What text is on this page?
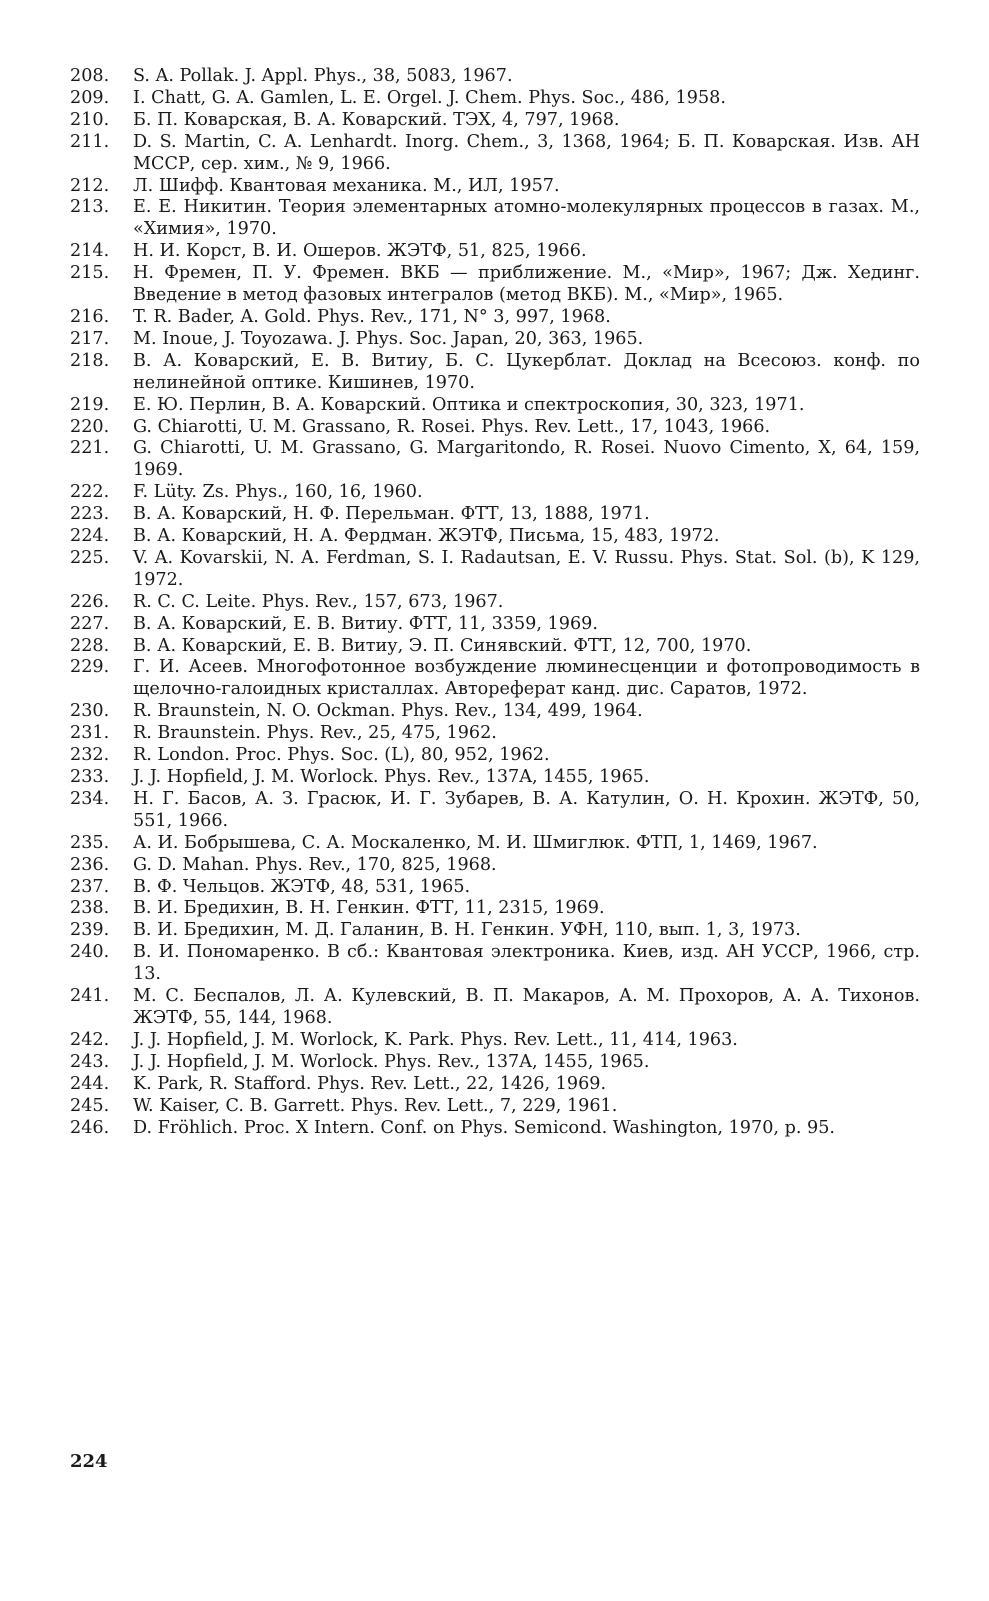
208.	S. A. Pollak. J. Appl. Phys., 38, 5083, 1967.
209.	I. Chatt, G. A. Gamlen, L. E. Orgel. J. Chem. Phys. Soc., 486, 1958.
210.	Б. П. Коварская, В. А. Коварский. ТЭХ, 4, 797, 1968.
211.	D. S. Martin, C. A. Lenhardt. Inorg. Chem., 3, 1368, 1964; Б. П. Коварская. Изв. АН МССР, сер. хим., № 9, 1966.
212.	Л. Шифф. Квантовая механика. М., ИЛ, 1957.
213.	Е. Е. Никитин. Теория элементарных атомно-молекулярных процессов в газах. М., «Химия», 1970.
214.	Н. И. Корст, В. И. Ошеров. ЖЭТФ, 51, 825, 1966.
215.	Н. Фремен, П. У. Фремен. ВКБ — приближение. М., «Мир», 1967; Дж. Хединг. Введение в метод фазовых интегралов (метод ВКБ). М., «Мир», 1965.
216.	T. R. Bader, A. Gold. Phys. Rev., 171, N° 3, 997, 1968.
217.	M. Inoue, J. Toyozawa. J. Phys. Soc. Japan, 20, 363, 1965.
218.	В. А. Коварский, Е. В. Витиу, Б. С. Цукерблат. Доклад на Всесоюз. конф. по нелинейной оптике. Кишинев, 1970.
219.	Е. Ю. Перлин, В. А. Коварский. Оптика и спектроскопия, 30, 323, 1971.
220.	G. Chiarotti, U. M. Grassano, R. Rosei. Phys. Rev. Lett., 17, 1043, 1966.
221.	G. Chiarotti, U. M. Grassano, G. Margaritondo, R. Rosei. Nuovo Cimento, X, 64, 159, 1969.
222.	F. Lüty. Zs. Phys., 160, 16, 1960.
223.	В. А. Коварский, Н. Ф. Перельман. ФТТ, 13, 1888, 1971.
224.	В. А. Коварский, Н. А. Фердман. ЖЭТФ, Письма, 15, 483, 1972.
225.	V. A. Kovarskii, N. A. Ferdman, S. I. Radautsan, E. V. Russu. Phys. Stat. Sol. (b), K 129, 1972.
226.	R. C. C. Leite. Phys. Rev., 157, 673, 1967.
227.	В. А. Коварский, Е. В. Витиу. ФТТ, 11, 3359, 1969.
228.	В. А. Коварский, Е. В. Витиу, Э. П. Синявский. ФТТ, 12, 700, 1970.
229.	Г. И. Асеев. Многофотонное возбуждение люминесценции и фотопроводимость в щелочно-галоидных кристаллах. Автореферат канд. дис. Саратов, 1972.
230.	R. Braunstein, N. O. Ockman. Phys. Rev., 134, 499, 1964.
231.	R. Braunstein. Phys. Rev., 25, 475, 1962.
232.	R. London. Proc. Phys. Soc. (L), 80, 952, 1962.
233.	J. J. Hopfield, J. M. Worlock. Phys. Rev., 137A, 1455, 1965.
234.	Н. Г. Басов, А. З. Грасюк, И. Г. Зубарев, В. А. Катулин, О. Н. Крохин. ЖЭТФ, 50, 551, 1966.
235.	А. И. Бобрышева, С. А. Москаленко, М. И. Шмиглюк. ФТП, 1, 1469, 1967.
236.	G. D. Mahan. Phys. Rev., 170, 825, 1968.
237.	В. Ф. Чельцов. ЖЭТФ, 48, 531, 1965.
238.	В. И. Бредихин, В. Н. Генкин. ФТТ, 11, 2315, 1969.
239.	В. И. Бредихин, М. Д. Галанин, В. Н. Генкин. УФН, 110, вып. 1, 3, 1973.
240.	В. И. Пономаренко. В сб.: Квантовая электроника. Киев, изд. АН УССР, 1966, стр. 13.
241.	М. С. Беспалов, Л. А. Кулевский, В. П. Макаров, А. М. Прохоров, А. А. Тихонов. ЖЭТФ, 55, 144, 1968.
242.	J. J. Hopfield, J. M. Worlock, K. Park. Phys. Rev. Lett., 11, 414, 1963.
243.	J. J. Hopfield, J. M. Worlock. Phys. Rev., 137A, 1455, 1965.
244.	K. Park, R. Stafford. Phys. Rev. Lett., 22, 1426, 1969.
245.	W. Kaiser, C. B. Garrett. Phys. Rev. Lett., 7, 229, 1961.
246.	D. Fröhlich. Proc. X Intern. Conf. on Phys. Semicond. Washington, 1970, p. 95.
224
